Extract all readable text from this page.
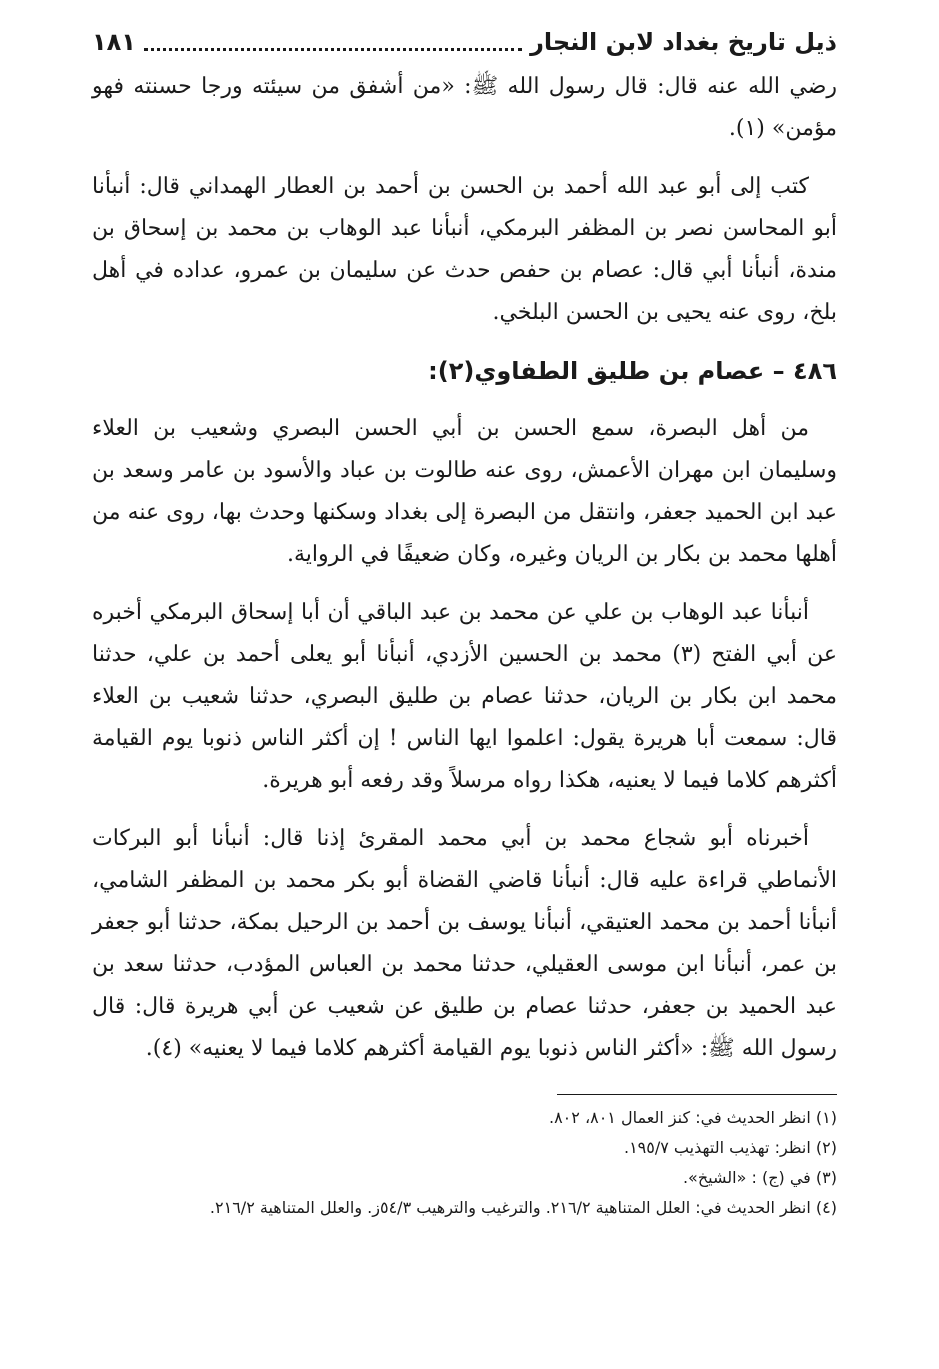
ذيل تاريخ بغداد لابن النجار
١٨١

رضي الله عنه قال: قال رسول الله ﷺ: «من أشفق من سيئته ورجا حسنته فهو مؤمن» (١).

كتب إلى أبو عبد الله أحمد بن الحسن بن أحمد بن العطار الهمداني قال: أنبأنا أبو المحاسن نصر بن المظفر البرمكي، أنبأنا عبد الوهاب بن محمد بن إسحاق بن مندة، أنبأنا أبي قال: عصام بن حفص حدث عن سليمان بن عمرو، عداده في أهل بلخ، روى عنه يحيى بن الحسن البلخي.

٤٨٦ – عصام بن طليق الطفاوي(٢):

من أهل البصرة، سمع الحسن بن أبي الحسن البصري وشعيب بن العلاء وسليمان ابن مهران الأعمش، روى عنه طالوت بن عباد والأسود بن عامر وسعد بن عبد ابن الحميد جعفر، وانتقل من البصرة إلى بغداد وسكنها وحدث بها، روى عنه من أهلها محمد بن بكار بن الريان وغيره، وكان ضعيفًا في الرواية.

أنبأنا عبد الوهاب بن علي عن محمد بن عبد الباقي أن أبا إسحاق البرمكي أخبره عن أبي الفتح (٣) محمد بن الحسين الأزدي، أنبأنا أبو يعلى أحمد بن علي، حدثنا محمد ابن بكار بن الريان، حدثنا عصام بن طليق البصري، حدثنا شعيب بن العلاء قال: سمعت أبا هريرة يقول: اعلموا ايها الناس ! إن أكثر الناس ذنوبا يوم القيامة أكثرهم كلاما فيما لا يعنيه، هكذا رواه مرسلاً وقد رفعه أبو هريرة.

أخبرناه أبو شجاع محمد بن أبي محمد المقرئ إذنا قال: أنبأنا أبو البركات الأنماطي قراءة عليه قال: أنبأنا قاضي القضاة أبو بكر محمد بن المظفر الشامي، أنبأنا أحمد بن محمد العتيقي، أنبأنا يوسف بن أحمد بن الرحيل بمكة، حدثنا أبو جعفر بن عمر، أنبأنا ابن موسى العقيلي، حدثنا محمد بن العباس المؤدب، حدثنا سعد بن عبد الحميد بن جعفر، حدثنا عصام بن طليق عن شعيب عن أبي هريرة قال: قال رسول الله ﷺ: «أكثر الناس ذنوبا يوم القيامة أكثرهم كلاما فيما لا يعنيه» (٤).

(١) انظر الحديث في: كنز العمال ٨٠١، ٨٠٢.
(٢) انظر: تهذيب التهذيب ١٩٥/٧.
(٣) في (ج) : «الشيخ».
(٤) انظر الحديث في: العلل المتناهية ٢١٦/٢. والترغيب والترهيب ٥٤/٣ز. والعلل المتناهية ٢١٦/٢.
